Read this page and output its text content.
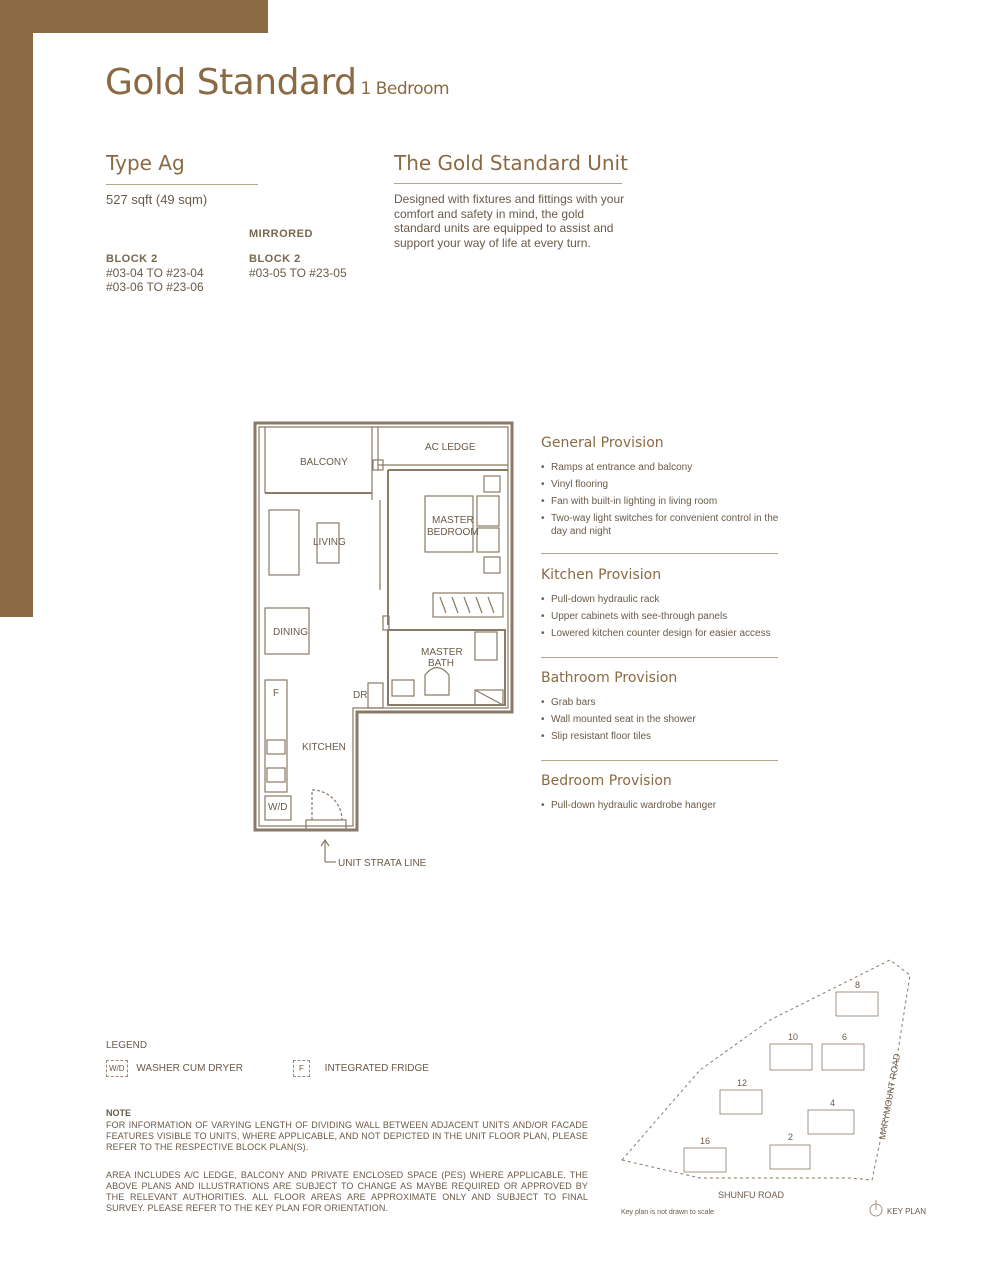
Gold Standard 1 Bedroom
Type Ag
527 sqft (49 sqm)
MIRRORED
BLOCK 2
#03-04 TO #23-04
#03-06 TO #23-06
BLOCK 2
#03-05 TO #23-05
The Gold Standard Unit
Designed with fixtures and fittings with your comfort and safety in mind, the gold standard units are equipped to assist and support your way of life at every turn.
BALCONY
AC LEDGE
LIVING
MASTER
BEDROOM
DINING
MASTER
BATH
F	DR
KITCHEN
W/D
UNIT STRATA LINE
General Provision
• Ramps at entrance and balcony
• Vinyl flooring
• Fan with built-in lighting in living room
• Two-way light switches for convenient control in the day and night
Kitchen Provision
• Pull-down hydraulic rack
• Upper cabinets with see-through panels
• Lowered kitchen counter design for easier access
Bathroom Provision
• Grab bars
• Wall mounted seat in the shower
• Slip resistant floor tiles
Bedroom Provision
• Pull-down hydraulic wardrobe hanger
LEGEND
W/D WASHER CUM DRYER	F INTEGRATED FRIDGE
NOTE
FOR INFORMATION OF VARYING LENGTH OF DIVIDING WALL BETWEEN ADJACENT UNITS AND/OR FACADE FEATURES VISIBLE TO UNITS, WHERE APPLICABLE, AND NOT DEPICTED IN THE UNIT FLOOR PLAN, PLEASE REFER TO THE RESPECTIVE BLOCK PLAN(S).
AREA INCLUDES A/C LEDGE, BALCONY AND PRIVATE ENCLOSED SPACE (PES) WHERE APPLICABLE. THE ABOVE PLANS AND ILLUSTRATIONS ARE SUBJECT TO CHANGE AS MAYBE REQUIRED OR APPROVED BY THE RELEVANT AUTHORITIES. ALL FLOOR AREAS ARE APPROXIMATE ONLY AND SUBJECT TO FINAL SURVEY. PLEASE REFER TO THE KEY PLAN FOR ORIENTATION.
8
10	6
12
4
16	2
SHUNFU ROAD
MARYMOUNT ROAD
Key plan is not drawn to scale	KEY PLAN
